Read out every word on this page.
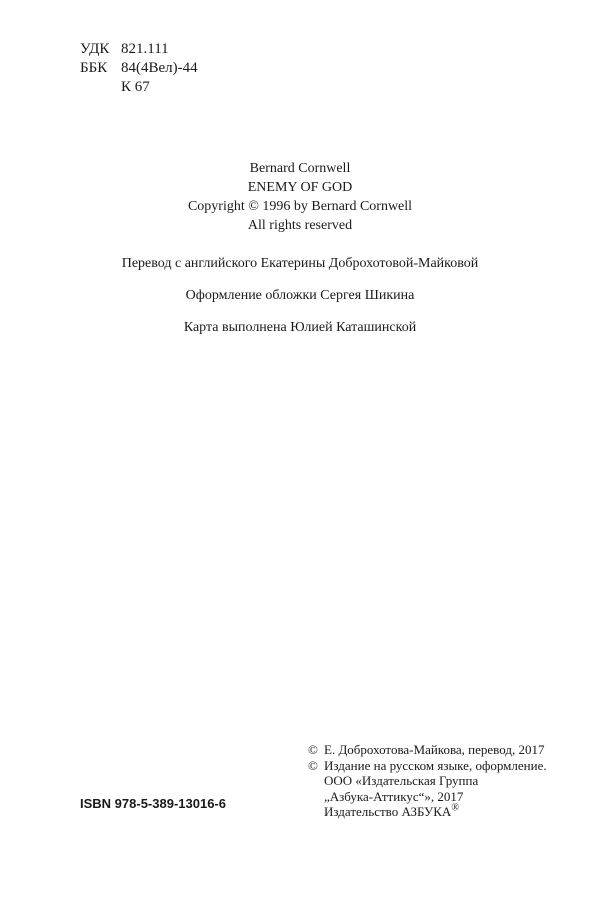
УДК 821.111
ББК 84(4Вел)-44
К 67
Bernard Cornwell
ENEMY OF GOD
Copyright © 1996 by Bernard Cornwell
All rights reserved
Перевод с английского Екатерины Доброхотовой-Майковой
Оформление обложки Сергея Шикина
Карта выполнена Юлией Каташинской
© Е. Доброхотова-Майкова, перевод, 2017
© Издание на русском языке, оформление.
ООО «Издательская Группа
„Азбука-Аттикус“», 2017
Издательство АЗБУКА®
ISBN 978-5-389-13016-6
